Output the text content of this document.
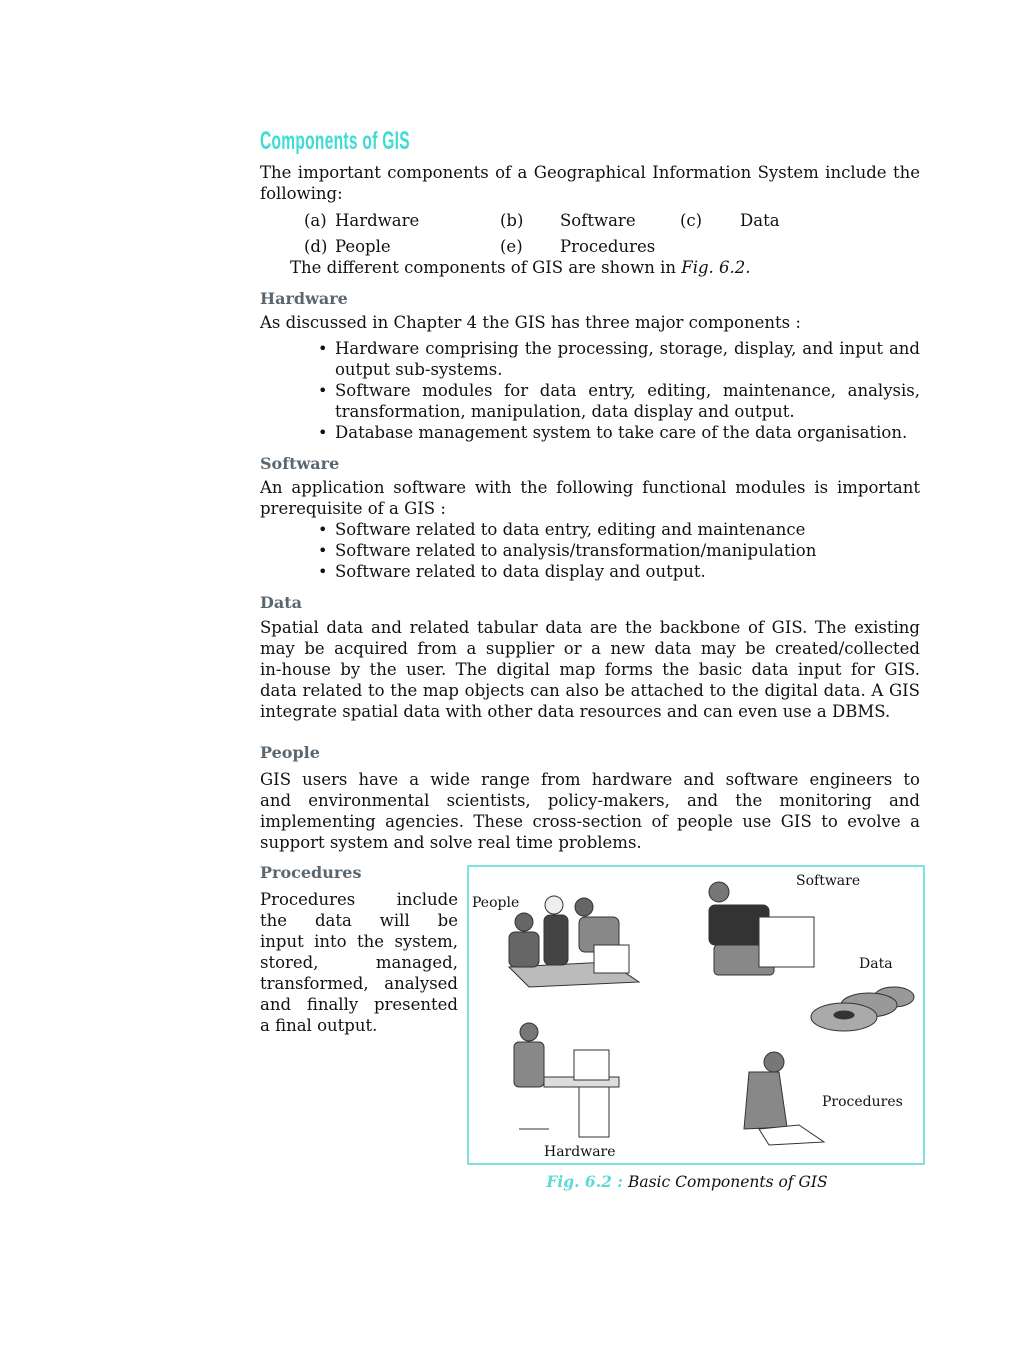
Components of GIS
The important components of a Geographical Information System include the
following:
(a) Hardware	(b) Software	(c) Data
(d) People	(e) Procedures
The different components of GIS are shown in Fig. 6.2.
Hardware
As discussed in Chapter 4 the GIS has three major components :
• Hardware comprising the processing, storage, display, and input and
output sub-systems.
• Software modules for data entry, editing, maintenance, analysis,
transformation, manipulation, data display and output.
• Database management system to take care of the data organisation.
Software
An application software with the following functional modules is important
prerequisite of a GIS :
• Software related to data entry, editing and maintenance
• Software related to analysis/transformation/manipulation
• Software related to data display and output.
Data
Spatial data and related tabular data are the backbone of GIS. The existing
may be acquired from a supplier or a new data may be created/collected
in-house by the user. The digital map forms the basic data input for GIS.
data related to the map objects can also be attached to the digital data. A GIS
integrate spatial data with other data resources and can even use a DBMS.
People
GIS users have a wide range from hardware and software engineers to
and environmental scientists, policy-makers, and the monitoring and
implementing agencies. These cross-section of people use GIS to evolve a
support system and solve real time problems.
Procedures
Procedures include
the data will be
input into the system,
stored, managed,
transformed, analysed
and finally presented
a final output.
People
Software
Data
Hardware
Procedures
Fig. 6.2 : Basic Components of GIS
